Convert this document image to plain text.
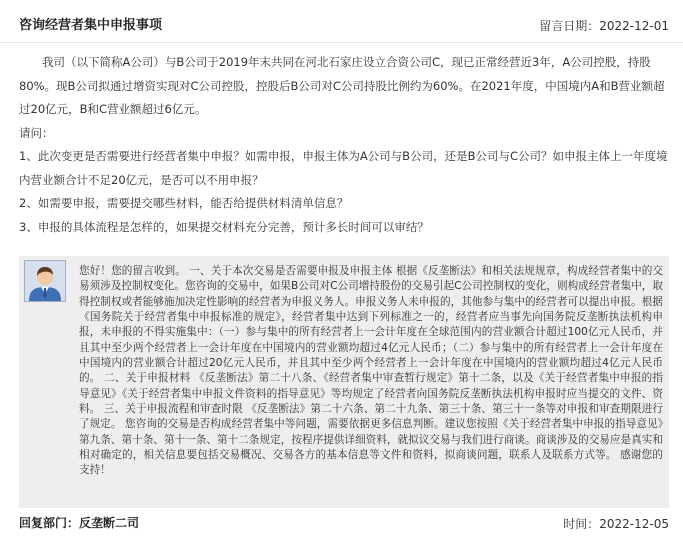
咨询经营者集中申报事项	留言日期：2022-12-01

我司（以下简称A公司）与B公司于2019年末共同在河北石家庄设立合资公司C，现已正常经营近3年，A公司控股，持股80%。现B公司拟通过增资实现对C公司控股，控股后B公司对C公司持股比例约为60%。在2021年度，中国境内A和B营业额超过20亿元，B和C营业额超过6亿元。

请问：

1、此次变更是否需要进行经营者集中申报？如需申报，申报主体为A公司与B公司，还是B公司与C公司？如申报主体上一年度境内营业额合计不足20亿元，是否可以不用申报？

2、如需要申报，需要提交哪些材料，能否给提供材料清单信息？

3、申报的具体流程是怎样的，如果提交材料充分完善，预计多长时间可以审结？

您好！您的留言收到。 一、关于本次交易是否需要申报及申报主体 根据《反垄断法》和相关法规规章，构成经营者集中的交易须涉及控制权变化。您咨询的交易中，如果B公司对C公司增持股份的交易引起C公司控制权的变化，则构成经营者集中，取得控制权或者能够施加决定性影响的经营者为申报义务人。申报义务人未申报的，其他参与集中的经营者可以提出申报。根据《国务院关于经营者集中申报标准的规定》，经营者集中达到下列标准之一的，经营者应当事先向国务院反垄断执法机构申报，未申报的不得实施集中：（一）参与集中的所有经营者上一会计年度在全球范围内的营业额合计超过100亿元人民币，并且其中至少两个经营者上一会计年度在中国境内的营业额均超过4亿元人民币；（二）参与集中的所有经营者上一会计年度在中国境内的营业额合计超过20亿元人民币，并且其中至少两个经营者上一会计年度在中国境内的营业额均超过4亿元人民币的。 二、关于申报材料 《反垄断法》第二十八条、《经营者集中审查暂行规定》第十二条，以及《关于经营者集中申报的指导意见》《关于经营者集中申报文件资料的指导意见》等均规定了经营者向国务院反垄断执法机构申报时应当提交的文件、资料。 三、关于申报流程和审查时限 《反垄断法》第二十六条、第二十九条、第三十条、第三十一条等对申报和审查期限进行了规定。 您咨询的交易是否构成经营者集中等问题，需要依据更多信息判断。建议您按照《关于经营者集中申报的指导意见》第九条、第十条、第十一条、第十二条规定，按程序提供详细资料，就拟议交易与我们进行商谈。商谈涉及的交易应是真实和相对确定的，相关信息要包括交易概况、交易各方的基本信息等文件和资料，拟商谈问题，联系人及联系方式等。 感谢您的支持！

回复部门：反垄断二司	时间：2022-12-05
